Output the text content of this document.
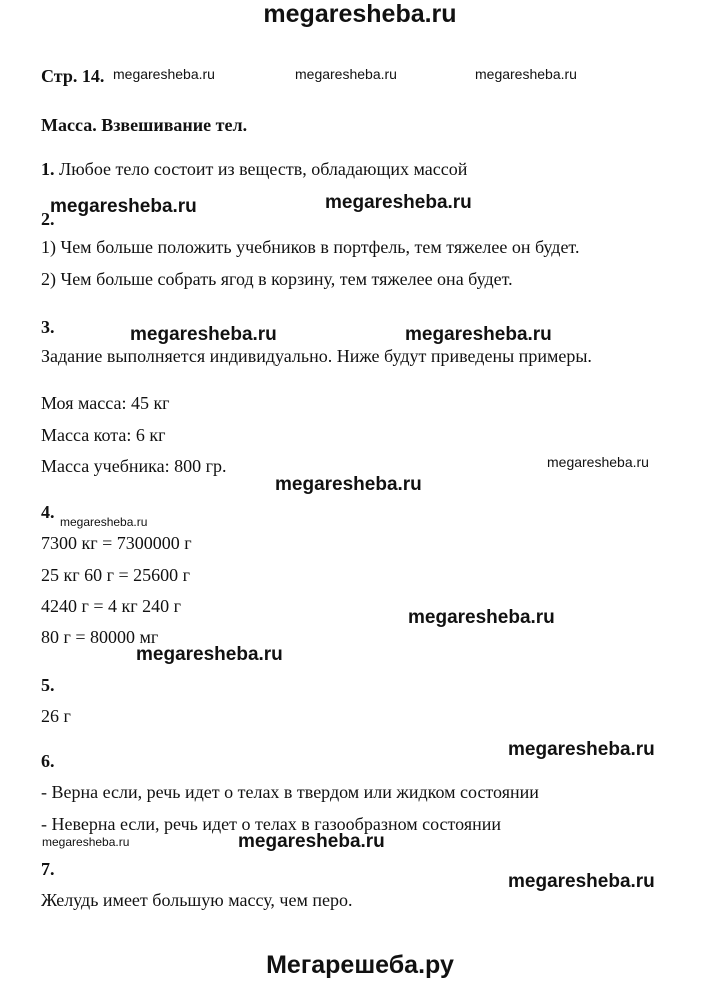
megaresheba.ru
Мегарешеба.ру
Стр. 14. megaresheba.ru	megaresheba.ru	megaresheba.ru
Масса. Взвешивание тел.
1. Любое тело состоит из веществ, обладающих массой
2.
megaresheba.ru	megaresheba.ru
1) Чем больше положить учебников в портфель, тем тяжелее он будет.
2) Чем больше собрать ягод в корзину, тем тяжелее она будет.
3.	megaresheba.ru	megaresheba.ru
Задание выполняется индивидуально. Ниже будут приведены примеры.
Моя масса: 45 кг
Масса кота: 6 кг
Масса учебника: 800 гр.	megaresheba.ru
megaresheba.ru
4. megaresheba.ru
7300 кг = 7300000 г
25 кг 60 г = 25600 г
4240 г = 4 кг 240 г
megaresheba.ru
80 г = 80000 мг
megaresheba.ru
5.
26 г
6.
megaresheba.ru
- Верна если, речь идет о телах в твердом или жидком состоянии
- Неверна если, речь идет о телах в газообразном состоянии
megaresheba.ru	megaresheba.ru
7.
megaresheba.ru
Желудь имеет большую массу, чем перо.
